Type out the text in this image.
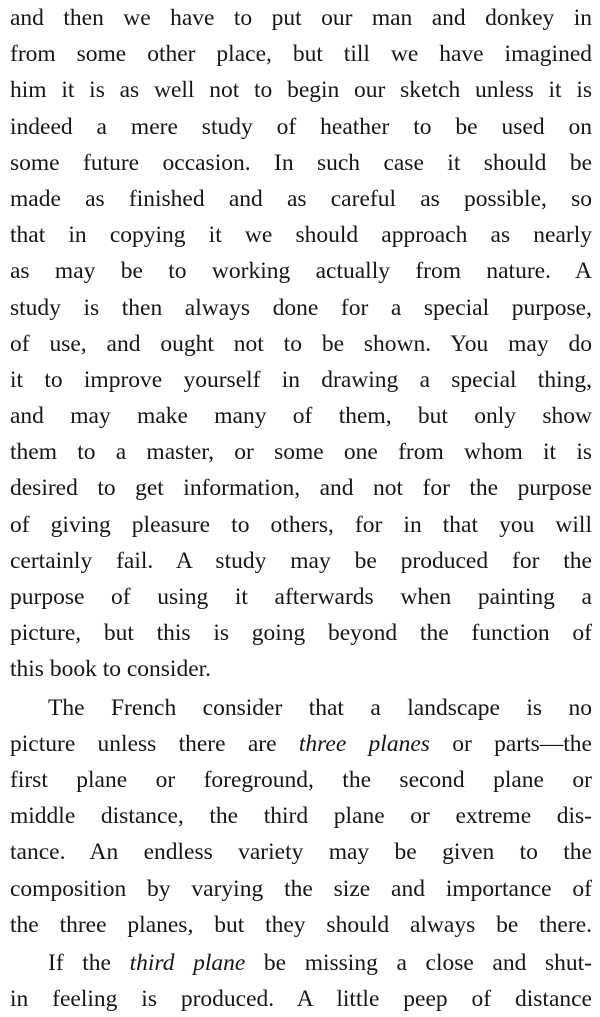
and then we have to put our man and donkey in
from some other place, but till we have imagined
him it is as well not to begin our sketch unless it is
indeed a mere study of heather to be used on
some future occasion. In such case it should be
made as finished and as careful as possible, so
that in copying it we should approach as nearly
as may be to working actually from nature. A
study is then always done for a special purpose,
of use, and ought not to be shown. You may do
it to improve yourself in drawing a special thing,
and may make many of them, but only show
them to a master, or some one from whom it is
desired to get information, and not for the purpose
of giving pleasure to others, for in that you will
certainly fail. A study may be produced for the
purpose of using it afterwards when painting a
picture, but this is going beyond the function of
this book to consider.
The French consider that a landscape is no
picture unless there are three planes or parts—the
first plane or foreground, the second plane or
middle distance, the third plane or extreme dis-
tance. An endless variety may be given to the
composition by varying the size and importance of
the three planes, but they should always be there.
If the third plane be missing a close and shut-
in feeling is produced. A little peep of distance
